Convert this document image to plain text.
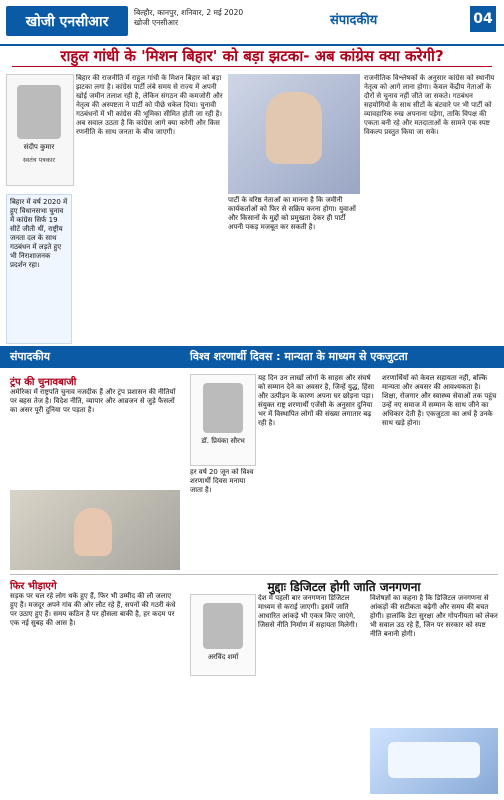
खोजी एनसीआर
बिल्हौर, कानपुर, शनिवार, 2 मई 2020
खोजी एनसीआर	संपादकीय	04
राहुल गांधी के 'मिशन बिहार' को बड़ा झटका- अब कांग्रेस क्या करेगी?
संदीप कुमार
स्वतंत्र पत्रकार
बिहार में वर्ष 2020 में हुए विधानसभा चुनाव में कांग्रेस सिर्फ 19 सीटें जीती थीं, राष्ट्रीय जनता दल के साथ गठबंधन में लड़ते हुए भी निराशाजनक प्रदर्शन रहा।
बिहार की राजनीति में राहुल गांधी के मिशन बिहार को बड़ा झटका लगा है। कांग्रेस पार्टी लंबे समय से राज्य में अपनी खोई जमीन तलाश रही है, लेकिन संगठन की कमजोरी और नेतृत्व की अस्पष्टता ने पार्टी को पीछे धकेल दिया। चुनावी गठबंधनों में भी कांग्रेस की भूमिका सीमित होती जा रही है। अब सवाल उठता है कि कांग्रेस आगे क्या करेगी और किस रणनीति के साथ जनता के बीच जाएगी।
पार्टी के वरिष्ठ नेताओं का मानना है कि जमीनी कार्यकर्ताओं को फिर से सक्रिय करना होगा। युवाओं और किसानों के मुद्दों को प्रमुखता देकर ही पार्टी अपनी पकड़ मजबूत कर सकती है।
राजनीतिक विश्लेषकों के अनुसार कांग्रेस को स्थानीय नेतृत्व को आगे लाना होगा। केवल केंद्रीय नेताओं के दौरों से चुनाव नहीं जीते जा सकते। गठबंधन सहयोगियों के साथ सीटों के बंटवारे पर भी पार्टी को व्यावहारिक रुख अपनाना पड़ेगा, ताकि विपक्ष की एकता बनी रहे और मतदाताओं के सामने एक स्पष्ट विकल्प प्रस्तुत किया जा सके।
संपादकीय	विश्व शरणार्थी दिवस : मान्यता के माध्यम से एकजुटता
ट्रंप की चुनावबाजी
अमेरिका में राष्ट्रपति चुनाव नजदीक हैं और ट्रंप प्रशासन की नीतियों पर बहस तेज है। विदेश नीति, व्यापार और आव्रजन से जुड़े फैसलों का असर पूरी दुनिया पर पड़ता है।
डॉ. प्रियंका सौरभ
हर वर्ष 20 जून को विश्व शरणार्थी दिवस मनाया जाता है।
यह दिन उन लाखों लोगों के साहस और संघर्ष को सम्मान देने का अवसर है, जिन्हें युद्ध, हिंसा और उत्पीड़न के कारण अपना घर छोड़ना पड़ा। संयुक्त राष्ट्र शरणार्थी एजेंसी के अनुसार दुनिया भर में विस्थापित लोगों की संख्या लगातार बढ़ रही है।
शरणार्थियों को केवल सहायता नहीं, बल्कि मान्यता और अवसर की आवश्यकता है। शिक्षा, रोजगार और स्वास्थ्य सेवाओं तक पहुंच उन्हें नए समाज में सम्मान के साथ जीने का अधिकार देती है। एकजुटता का अर्थ है उनके साथ खड़े होना।
फिर भीड़ाएगे
सड़क पर चल रहे लोग थके हुए हैं, फिर भी उम्मीद की लौ जलाए हुए हैं। मजदूर अपने गांव की ओर लौट रहे हैं, सपनों की गठरी कंधे पर उठाए हुए हैं। समय कठिन है पर हौसला बाकी है, हर कदम पर एक नई सुबह की आस है।
मुद्दाः डिजिटल होगी जाति जनगणना
अरविंद शर्मा
देश में पहली बार जनगणना डिजिटल माध्यम से कराई जाएगी। इसमें जाति आधारित आंकड़े भी एकत्र किए जाएंगे, जिससे नीति निर्माण में सहायता मिलेगी।
विशेषज्ञों का कहना है कि डिजिटल जनगणना से आंकड़ों की सटीकता बढ़ेगी और समय की बचत होगी। हालांकि डेटा सुरक्षा और गोपनीयता को लेकर भी सवाल उठ रहे हैं, जिन पर सरकार को स्पष्ट नीति बनानी होगी।
